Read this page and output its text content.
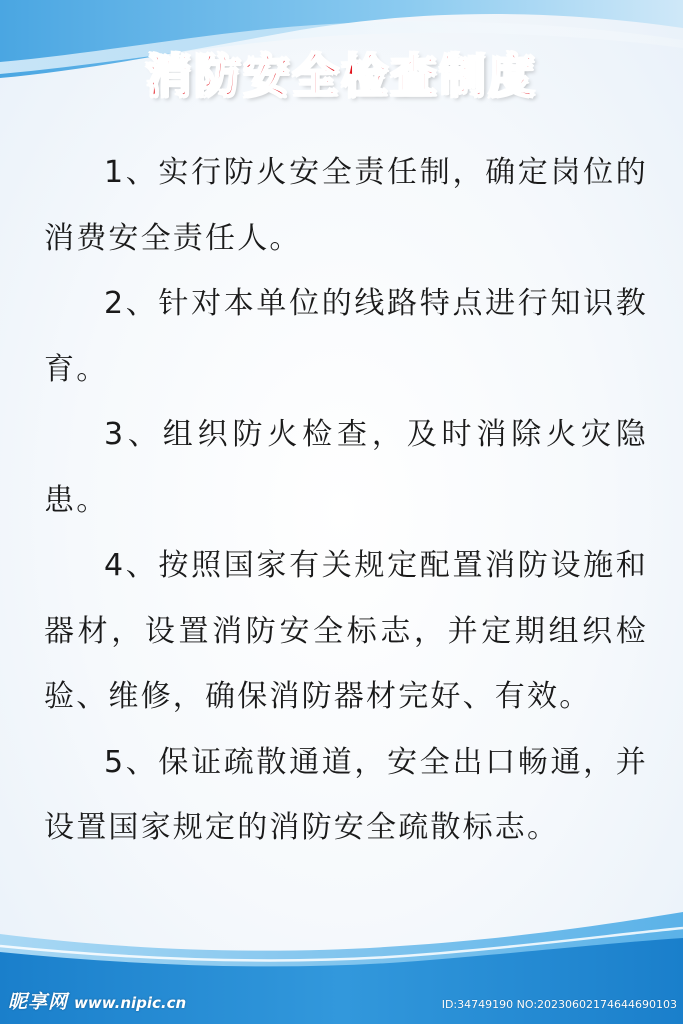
消防安全检查制度

1、实行防火安全责任制，确定岗位的消费安全责任人。

2、针对本单位的线路特点进行知识教育。

3、组织防火检查，及时消除火灾隐患。

4、按照国家有关规定配置消防设施和器材，设置消防安全标志，并定期组织检验、维修，确保消防器材完好、有效。

5、保证疏散通道，安全出口畅通，并设置国家规定的消防安全疏散标志。

昵享网 www.nipic.cn	ID:34749190 NO:20230602174644690103
